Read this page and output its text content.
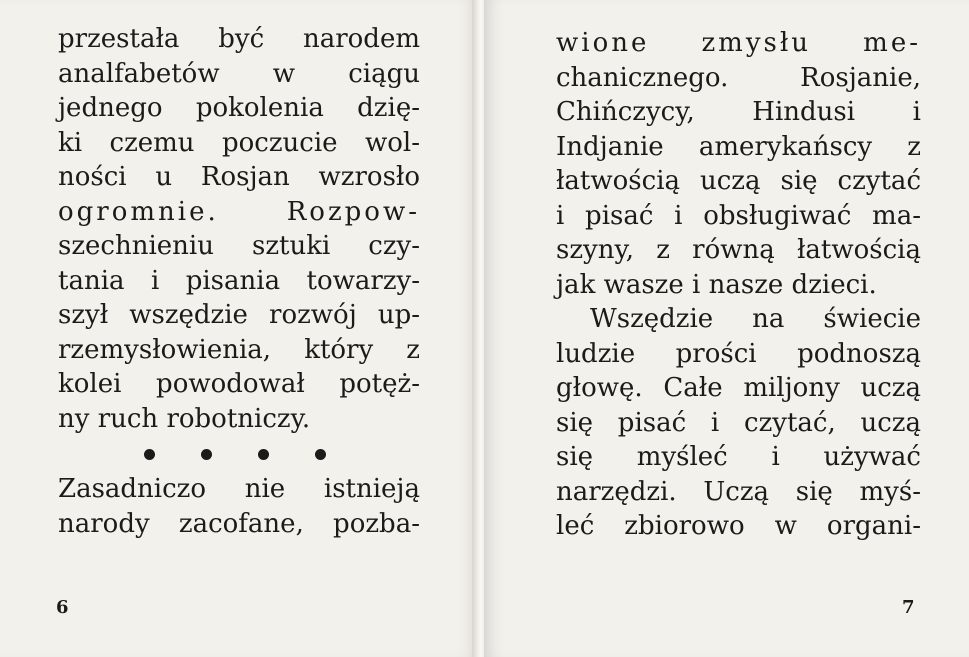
przestała być narodem
analfabetów w ciągu
jednego pokolenia dzię-
ki czemu poczucie wol-
ności u Rosjan wzrosło
ogromnie. Rozpow-
szechnieniu sztuki czy-
tania i pisania towarzy-
szył wszędzie rozwój up-
rzemysłowienia, który z
kolei powodował potęż-
ny ruch robotniczy.
Zasadniczo nie istnieją
narody zacofane, pozba-
6
wione zmysłu me-
chanicznego. Rosjanie,
Chińczycy, Hindusi i
Indjanie amerykańscy z
łatwością uczą się czytać
i pisać i obsługiwać ma-
szyny, z równą łatwością
jak wasze i nasze dzieci.
Wszędzie na świecie
ludzie prości podnoszą
głowę. Całe miljony uczą
się pisać i czytać, uczą
się myśleć i używać
narzędzi. Uczą się myś-
leć zbiorowo w organi-
7
